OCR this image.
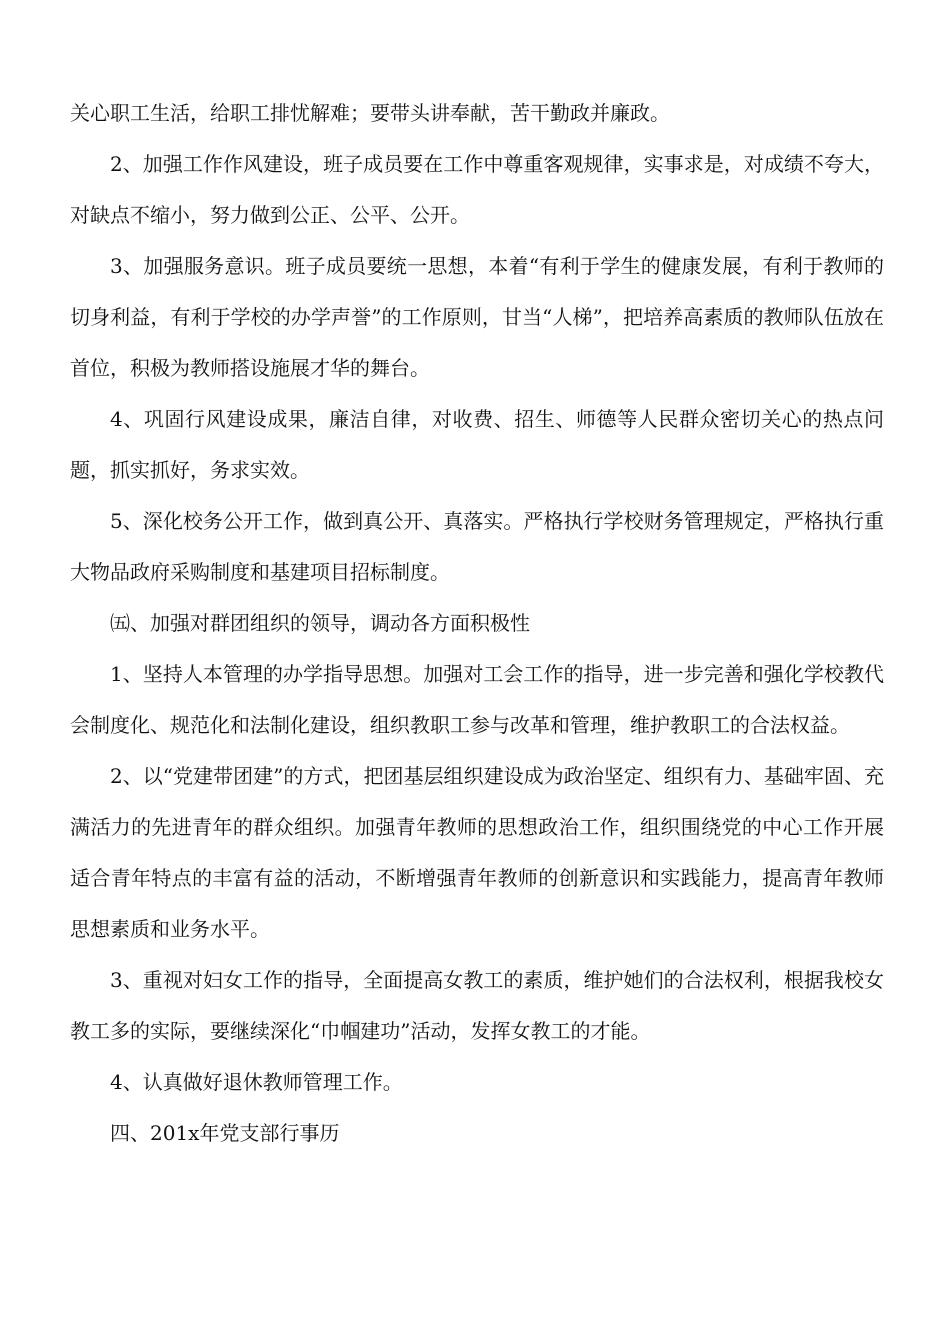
关心职工生活，给职工排忧解难；要带头讲奉献，苦干勤政并廉政。

2、加强工作作风建设，班子成员要在工作中尊重客观规律，实事求是，对成绩不夸大，对缺点不缩小，努力做到公正、公平、公开。

3、加强服务意识。班子成员要统一思想，本着“有利于学生的健康发展，有利于教师的切身利益，有利于学校的办学声誉”的工作原则，甘当“人梯”，把培养高素质的教师队伍放在首位，积极为教师搭设施展才华的舞台。

4、巩固行风建设成果，廉洁自律，对收费、招生、师德等人民群众密切关心的热点问题，抓实抓好，务求实效。

5、深化校务公开工作，做到真公开、真落实。严格执行学校财务管理规定，严格执行重大物品政府采购制度和基建项目招标制度。

㈤、加强对群团组织的领导，调动各方面积极性

1、坚持人本管理的办学指导思想。加强对工会工作的指导，进一步完善和强化学校教代会制度化、规范化和法制化建设，组织教职工参与改革和管理，维护教职工的合法权益。

2、以“党建带团建”的方式，把团基层组织建设成为政治坚定、组织有力、基础牢固、充满活力的先进青年的群众组织。加强青年教师的思想政治工作，组织围绕党的中心工作开展适合青年特点的丰富有益的活动，不断增强青年教师的创新意识和实践能力，提高青年教师思想素质和业务水平。

3、重视对妇女工作的指导，全面提高女教工的素质，维护她们的合法权利，根据我校女教工多的实际，要继续深化“巾帼建功”活动，发挥女教工的才能。

4、认真做好退休教师管理工作。

四、201x年党支部行事历
